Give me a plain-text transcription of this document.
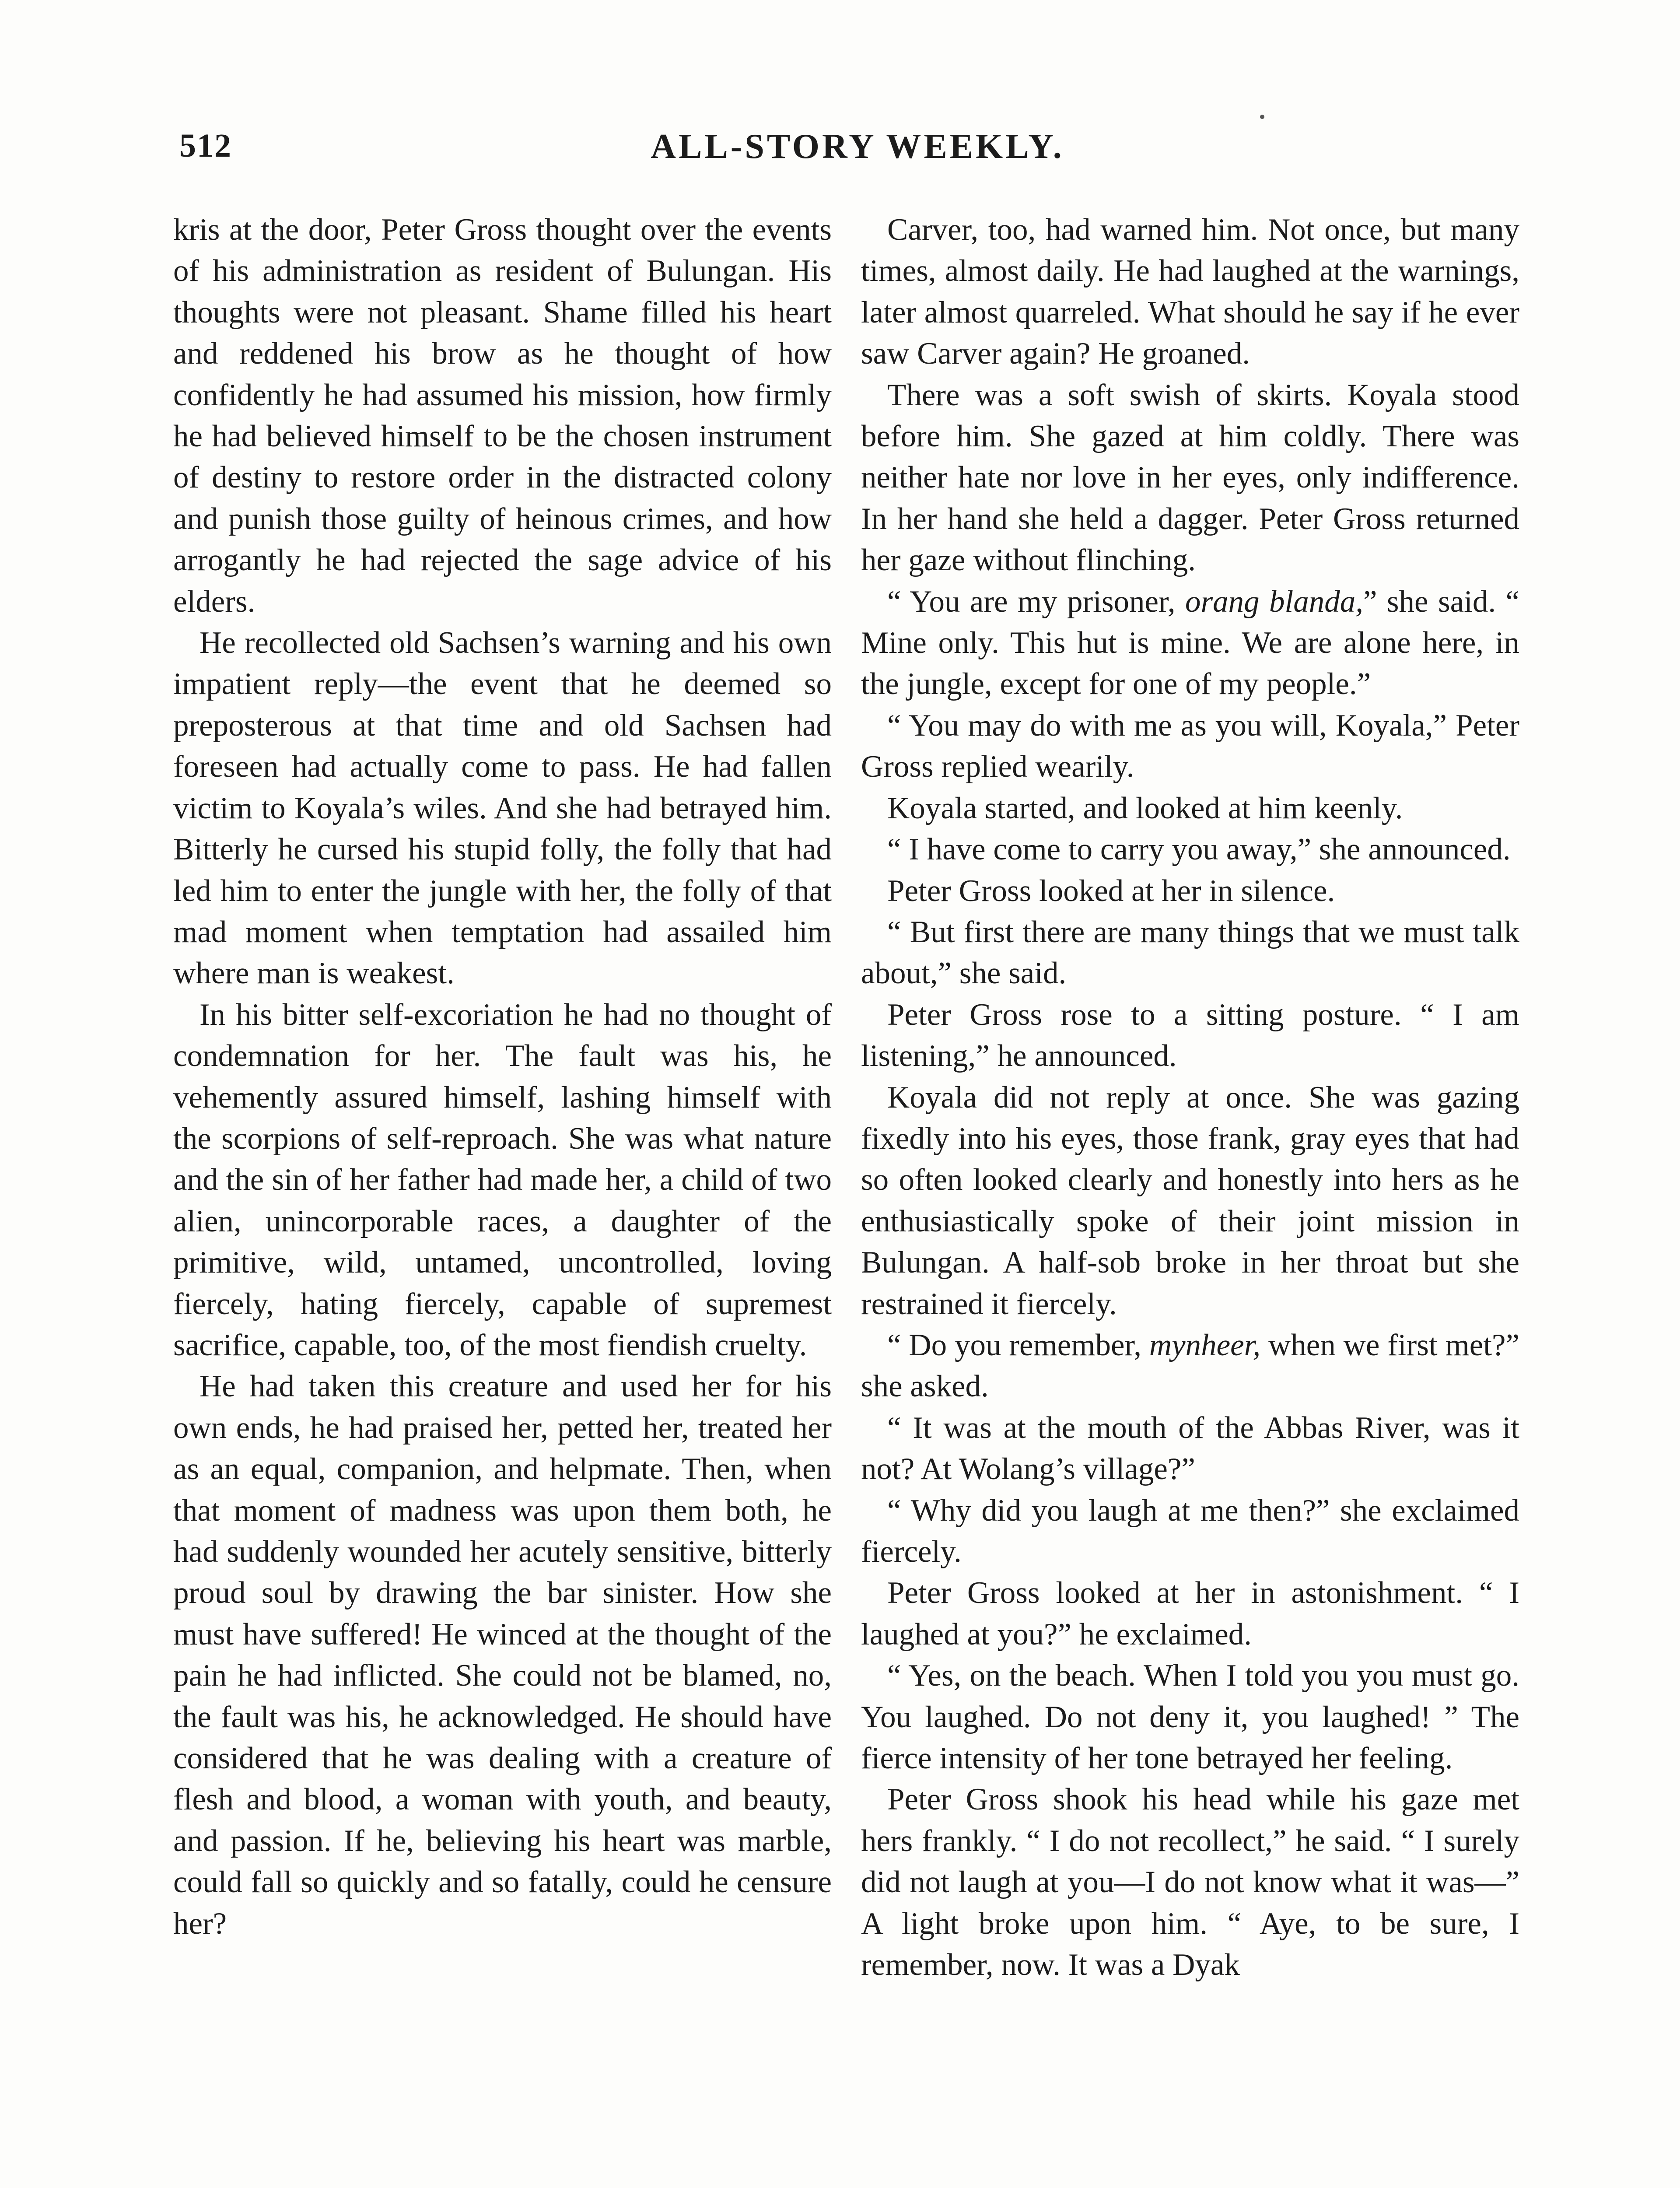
512	ALL-STORY WEEKLY.

kris at the door, Peter Gross thought over the events of his administration as resident of Bulungan. His thoughts were not pleasant. Shame filled his heart and reddened his brow as he thought of how confidently he had assumed his mission, how firmly he had believed himself to be the chosen instrument of destiny to restore order in the distracted colony and punish those guilty of heinous crimes, and how arrogantly he had rejected the sage advice of his elders.

He recollected old Sachsen’s warning and his own impatient reply—the event that he deemed so preposterous at that time and old Sachsen had foreseen had actually come to pass. He had fallen victim to Koyala’s wiles. And she had betrayed him. Bitterly he cursed his stupid folly, the folly that had led him to enter the jungle with her, the folly of that mad moment when temptation had assailed him where man is weakest.

In his bitter self-excoriation he had no thought of condemnation for her. The fault was his, he vehemently assured himself, lashing himself with the scorpions of self-reproach. She was what nature and the sin of her father had made her, a child of two alien, unincorporable races, a daughter of the primitive, wild, untamed, uncontrolled, loving fiercely, hating fiercely, capable of supremest sacrifice, capable, too, of the most fiendish cruelty.

He had taken this creature and used her for his own ends, he had praised her, petted her, treated her as an equal, companion, and helpmate. Then, when that moment of madness was upon them both, he had suddenly wounded her acutely sensitive, bitterly proud soul by drawing the bar sinister. How she must have suffered! He winced at the thought of the pain he had inflicted. She could not be blamed, no, the fault was his, he acknowledged. He should have considered that he was dealing with a creature of flesh and blood, a woman with youth, and beauty, and passion. If he, believing his heart was marble, could fall so quickly and so fatally, could he censure her?

Carver, too, had warned him. Not once, but many times, almost daily. He had laughed at the warnings, later almost quarreled. What should he say if he ever saw Carver again? He groaned.

There was a soft swish of skirts. Koyala stood before him. She gazed at him coldly. There was neither hate nor love in her eyes, only indifference. In her hand she held a dagger. Peter Gross returned her gaze without flinching.

“ You are my prisoner, orang blanda,” she said. “ Mine only. This hut is mine. We are alone here, in the jungle, except for one of my people.”

“ You may do with me as you will, Koyala,” Peter Gross replied wearily.

Koyala started, and looked at him keenly.

“ I have come to carry you away,” she announced.

Peter Gross looked at her in silence.

“ But first there are many things that we must talk about,” she said.

Peter Gross rose to a sitting posture. “ I am listening,” he announced.

Koyala did not reply at once. She was gazing fixedly into his eyes, those frank, gray eyes that had so often looked clearly and honestly into hers as he enthusiastically spoke of their joint mission in Bulungan. A half-sob broke in her throat but she restrained it fiercely.

“ Do you remember, mynheer, when we first met?” she asked.

“ It was at the mouth of the Abbas River, was it not? At Wolang’s village?”

“ Why did you laugh at me then?” she exclaimed fiercely.

Peter Gross looked at her in astonishment. “ I laughed at you?” he exclaimed.

“ Yes, on the beach. When I told you you must go. You laughed. Do not deny it, you laughed! ” The fierce intensity of her tone betrayed her feeling.

Peter Gross shook his head while his gaze met hers frankly. “ I do not recollect,” he said. “ I surely did not laugh at you—I do not know what it was—” A light broke upon him. “ Aye, to be sure, I remember, now. It was a Dyak
